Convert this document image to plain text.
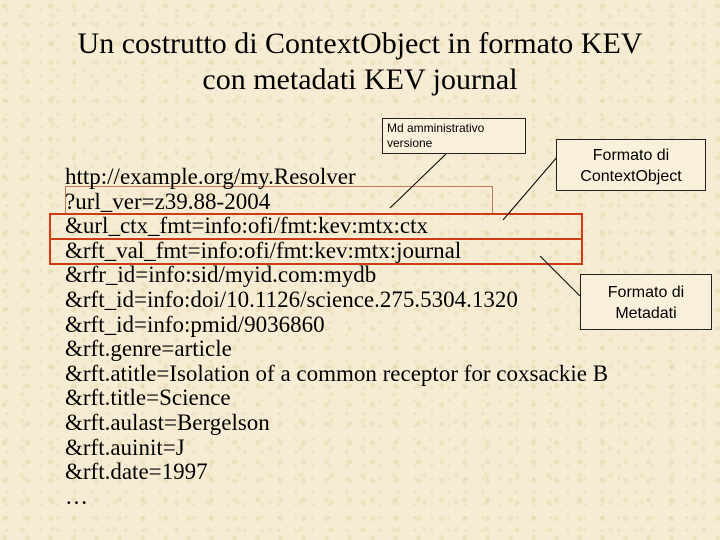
Un costrutto di ContextObject in formato KEV
con metadati KEV journal
http://example.org/my.Resolver
?url_ver=z39.88-2004
&url_ctx_fmt=info:ofi/fmt:kev:mtx:ctx
&rft_val_fmt=info:ofi/fmt:kev:mtx:journal
&rfr_id=info:sid/myid.com:mydb
&rft_id=info:doi/10.1126/science.275.5304.1320
&rft_id=info:pmid/9036860
&rft.genre=article
&rft.atitle=Isolation of a common receptor for coxsackie B
&rft.title=Science
&rft.aulast=Bergelson
&rft.auinit=J
&rft.date=1997
…
Md amministrativo
versione
Formato di
ContextObject
Formato di
Metadati
